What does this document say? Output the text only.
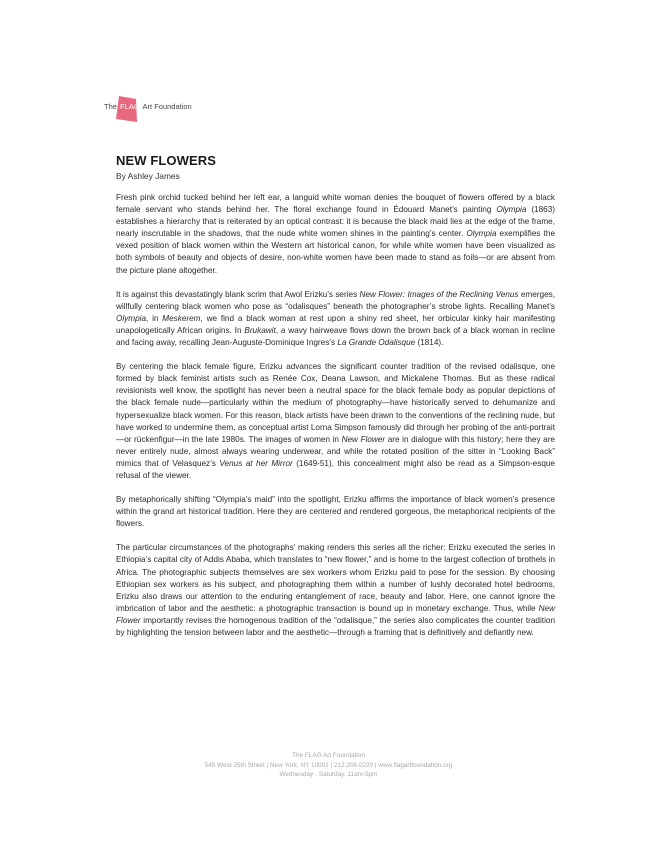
The FLAG Art Foundation
NEW FLOWERS
By Ashley James

Fresh pink orchid tucked behind her left ear, a languid white woman denies the bouquet of flowers offered by a black female servant who stands behind her. The floral exchange found in Édouard Manet’s painting Olympia (1863) establishes a hierarchy that is reiterated by an optical contrast: it is because the black maid lies at the edge of the frame, nearly inscrutable in the shadows, that the nude white women shines in the painting’s center. Olympia exemplifies the vexed position of black women within the Western art historical canon, for while white women have been visualized as both symbols of beauty and objects of desire, non-white women have been made to stand as foils—or are absent from the picture plane altogether.

It is against this devastatingly blank scrim that Awol Erizku’s series New Flower: Images of the Reclining Venus emerges, willfully centering black women who pose as “odalisques” beneath the photographer’s strobe lights. Recalling Manet’s Olympia, in Meskerem, we find a black woman at rest upon a shiny red sheet, her orbicular kinky hair manifesting unapologetically African origins. In Brukawit, a wavy hairweave flows down the brown back of a black woman in recline and facing away, recalling Jean-Auguste-Dominique Ingres’s La Grande Odalisque (1814).

By centering the black female figure, Erizku advances the significant counter tradition of the revised odalisque, one formed by black feminist artists such as Renée Cox, Deana Lawson, and Mickalene Thomas. But as these radical revisionists well know, the spotlight has never been a neutral space for the black female body as popular depictions of the black female nude—particularly within the medium of photography—have historically served to dehumanize and hypersexualize black women. For this reason, black artists have been drawn to the conventions of the reclining nude, but have worked to undermine them, as conceptual artist Lorna Simpson famously did through her probing of the anti-portrait—or rückenfigur—in the late 1980s. The images of women in New Flower are in dialogue with this history; here they are never entirely nude, almost always wearing underwear, and while the rotated position of the sitter in “Looking Back” mimics that of Velasquez’s Venus at her Mirror (1649-51), this concealment might also be read as a Simpson-esque refusal of the viewer.

By metaphorically shifting “Olympia’s maid” into the spotlight, Erizku affirms the importance of black women’s presence within the grand art historical tradition. Here they are centered and rendered gorgeous, the metaphorical recipients of the flowers.

The particular circumstances of the photographs’ making renders this series all the richer: Erizku executed the series in Ethiopia’s capital city of Addis Ababa, which translates to “new flower,” and is home to the largest collection of brothels in Africa. The photographic subjects themselves are sex workers whom Erizku paid to pose for the session. By choosing Ethiopian sex workers as his subject, and photographing them within a number of lushly decorated hotel bedrooms, Erizku also draws our attention to the enduring entanglement of race, beauty and labor. Here, one cannot ignore the imbrication of labor and the aesthetic: a photographic transaction is bound up in monetary exchange. Thus, while New Flower importantly revises the homogenous tradition of the “odalisque,” the series also complicates the counter tradition by highlighting the tension between labor and the aesthetic—through a framing that is definitively and defiantly new.

The FLAG Art Foundation
545 West 25th Street | New York, NY 10001 | 212.206.0220 | www.flagartfoundation.org
Wednesday - Saturday, 11am-5pm
